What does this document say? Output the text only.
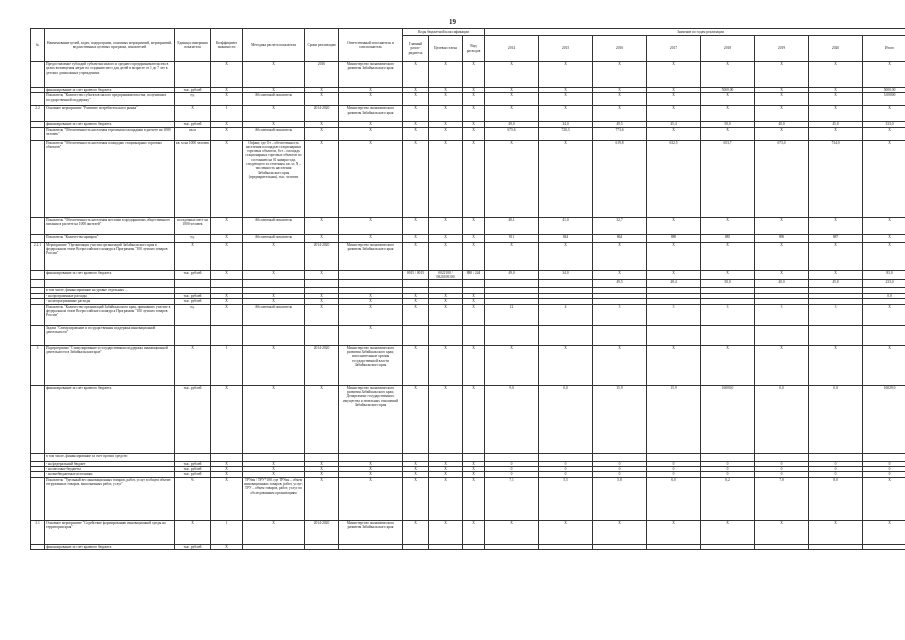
19
№	Наименование целей, задач, подпрограмм, основных мероприятий, мероприятий, ведомственных целевых программ, показателей	Единица измерения показателя	Коэффициент значимости	Методика расчета показателя	Сроки реализации	Ответственный исполнитель и соисполнитель	Коды бюджетной классификации			Значение по годам реализации							
							Главный распо-рядитель	Целевая статья	Вид расходов	2014	2015	2016	2017	2018	2019	2020	Итого
	Предоставление субсидий субъектам малого и среднего предпринимательства в целях возмещения затрат по созданию мест для детей в возрасте от 1 до 7 лет в детских дошкольных учреждениях		X	X	2016	Министерство экономического развития Забайкальского края	X	X	X	X	X	X	X	X	X	X	X
	финансирование за счет краевого бюджета	тыс. рублей	X	X	X	X	X	X	X	X	X	X	X	5000,00	X	X	5000,00
	Показатель "Количество субъектов малого предпринимательства, получивших государственной поддержку"	ед.	X	Абсолютный показатель	X	X	X	X	X	X	X	X	X	X	X	X	5.00000
2.2	Основное мероприятие "Развитие потребительского рынка"	X	1	X	2014-2020	Министерство экономического развития Забайкальского края	X	X	X	X	X	X	X	X	X	X	X
	финансирование за счет краевого бюджета	тыс. рублей	X	X	X	X	X	X	X	49,0	34,0	49,5	45,4	50,0	40,0	45,0	333,0
	Показатель "Обеспеченность населения торговыми площадями в расчете на 1000 человек"	кв.м	X	Абсолютный показатель	X	X	X	X	X	675,6	720,3	773,6	X	X	X	X	X
	Показатель "Обеспеченность населения площадью стационарных торговых объектов"	кв. м на 1000 человек	X	Отфакт, где От – обеспеченность населения площадью стационарных торговых объектов, Sст – площадь стационарных торговых объектов по состоянию на 01 января года, следующего за отчетным, кв. м; N – численность населения Забайкальского края (предварительная), тыс. человек	X	X	X	X	X	X	X	619,8	632,5	653,7	673,0	734,0	X
	Показатель "Обеспеченность населения местами в предприятиях общественного питания в расчете на 1000 жителей"	посадочных мест на 1000 человек	X	Абсолютный показатель	X	X	X	X	X	40,1	41,0	32,7	X	X	X	X	X
	Показатель "Количество ярмарок"	ед.	X	Абсолютный показатель	X	X	X	X	X	811	844	864	880	885	890	887	X
2.2.1	Мероприятие "Организация участия организаций Забайкальского края в федеральном этапе Всероссийского конкурса Программы "100 лучших товаров России"	X	X	X	2014-2020	Министерство экономического развития Забайкальского края	X	X	X	X	X	X	X	X	X	X	X
	финансирование за счет краевого бюджета	тыс. рублей	X	X	X		0015 / 0015	0022100 / 0820108100	880 / 244	49,0	34,0	X	X	X	X	X	83,0
												49,5	48,4	50,0	40,0	45,0	233,0
	в том числе, финансирование на уровне отдельных ...																
	- на программные расходы	тыс. рублей	X	X	X	X	X	X	X								0,0
	- на непрограммные расходы	тыс. рублей	X	X	X	X	X	X	X								
	Показатель "Количество организаций Забайкальского края, принявших участие в федеральном этапе Всероссийского конкурса Программы "100 лучших товаров России"	ед.	X	Абсолютный показатель	X	X	X	X	X	12	4	5	5	3	3	3	X
	Задача "Стимулирование и государственная поддержка инновационной деятельности"					X											
3	Подпрограмма "Стимулирование и государственная поддержка инновационной деятельности в Забайкальском крае"	X	1	X	2014-2020	Министерство экономического развития Забайкальского края; исполнительные органы государственной власти Забайкальского края	X	X	X	X	X	X	X	X	X	X	X
	финансирование за счет краевого бюджета	тыс. рублей	X	X	X	Министерство экономического развития Забайкальского края; Департамент государственного имущества и земельных отношений Забайкальского края	X	X	X	9,0	0,0	15,9	15,9	16000,0	0,0	0,0	16029,0
	в том числе, финансирование за счет прочих средств:																
	- на федеральный бюджет	тыс. рублей	X	X	X	X	X	X	X	0	0	0	0	0	0	0	0
	- на местные бюджеты	тыс. рублей	X	X	X	X	X	X	X	0	0	0	0	0	0	0	0
	- на внебюджетные источники	тыс. рублей	X	X	X	X	X	X	X	0	0	0	0	0	0	0	0
	Показатель "Удельный вес инновационных товаров, работ, услуг в общем объеме отгруженных товаров, выполненных работ, услуг"	%	X	ТРУин / ТРУ*100, где ТРУин – объем инновационных товаров, работ, услуг; ТРУ – объем товаров, работ, услуг по обследованным организациям	X	X	X	X	X	7,1	5,5	5,8	6,0	6,2	7,0	8,0	X
3.1	Основное мероприятие "Содействие формированию инновационной среды на территории края"	X	1	X	2014-2020	Министерство экономического развития Забайкальского края	X	X	X	X	X	X	X	X	X	X	X
	финансирование за счет краевого бюджета	тыс. рублей	X														
